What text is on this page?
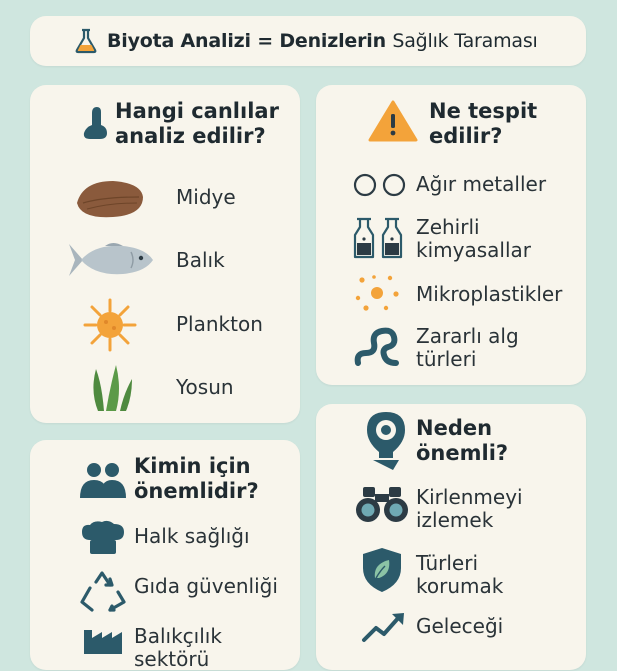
Biyota Analizi = Denizlerin Sağlık Taraması
Hangi canlılar
analiz edilir?
Midye
Balık
Plankton
Yosun
Ne tespit
edilir?
Ağır metaller
Zehirli
kimyasallar
Mikroplastikler
Zararlı alg
türleri
Kimin için
önemlidir?
Halk sağlığı
Gıda güvenliği
Balıkçılık sektörü
Neden
önemli?
Kirlenmeyi
izlemek
Türleri
korumak
Geleceği
